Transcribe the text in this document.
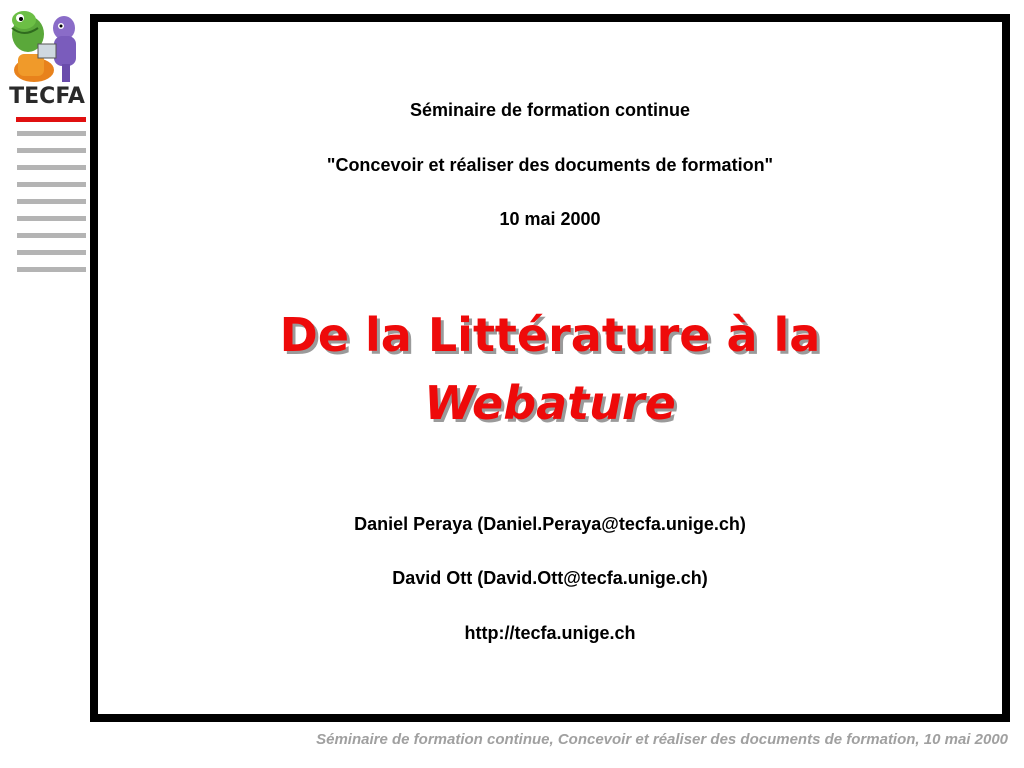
TECFA
Séminaire de formation continue
"Concevoir et réaliser des documents de formation"
10 mai 2000
De la Littérature à la
Webature
Daniel Peraya (Daniel.Peraya@tecfa.unige.ch)
David Ott (David.Ott@tecfa.unige.ch)
http://tecfa.unige.ch
Séminaire de formation continue, Concevoir et réaliser des documents de formation, 10 mai 2000
